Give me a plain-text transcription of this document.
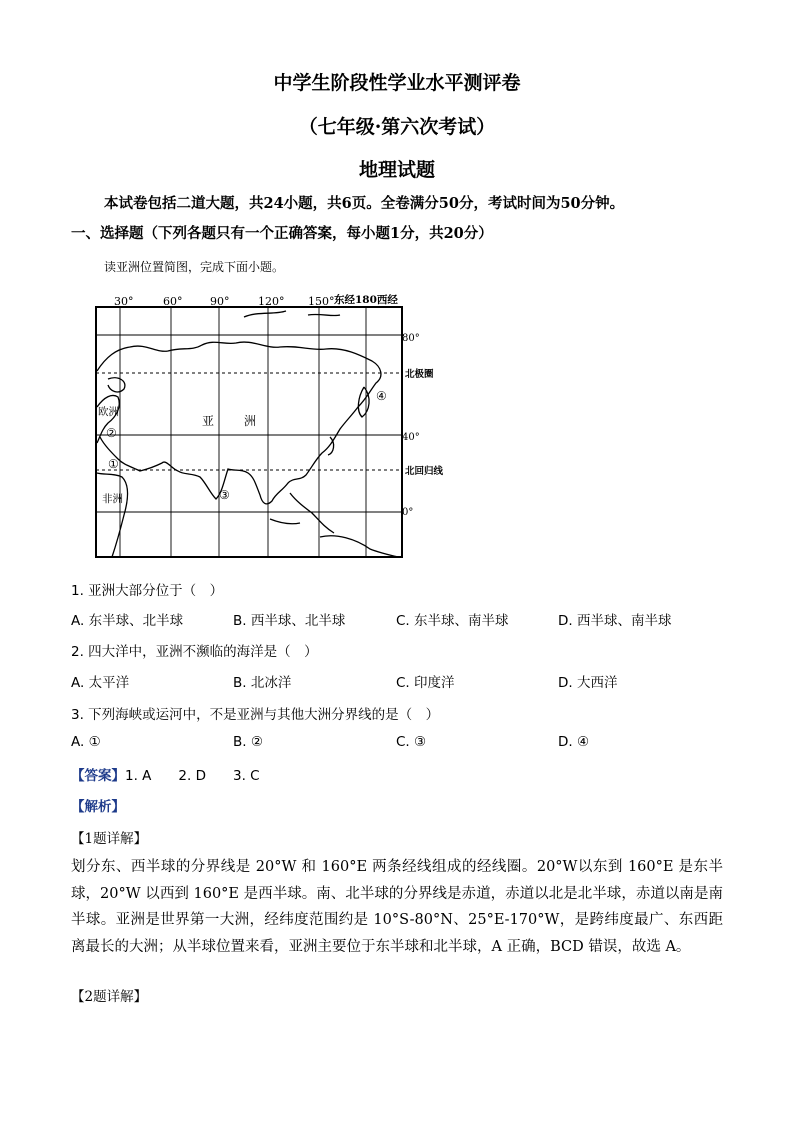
中学生阶段性学业水平测评卷
（七年级·第六次考试）
地理试题
本试卷包括二道大题，共24小题，共6页。全卷满分50分，考试时间为50分钟。
一、选择题（下列各题只有一个正确答案，每小题1分，共20分）
读亚洲位置简图，完成下面小题。
30°	60°	90°	120° 150° 东经180西经
80°
北极圈
40°
北回归线
0°
欧洲
亚 洲
非洲
①
②
③
④
1. 亚洲大部分位于（　）
A. 东半球、北半球	B. 西半球、北半球	C. 东半球、南半球	D. 西半球、南半球
2. 四大洋中，亚洲不濒临的海洋是（　）
A. 太平洋	B. 北冰洋	C. 印度洋	D. 大西洋
3. 下列海峡或运河中，不是亚洲与其他大洲分界线的是（　）
A. ①	B. ②	C. ③	D. ④
【答案】1. A　　2. D　　3. C
【解析】
【1题详解】
划分东、西半球的分界线是 20°W 和 160°E 两条经线组成的经线圈。20°W以东到 160°E 是东半球，20°W 以西到 160°E 是西半球。南、北半球的分界线是赤道，赤道以北是北半球，赤道以南是南半球。亚洲是世界第一大洲，经纬度范围约是 10°S-80°N、25°E-170°W，是跨纬度最广、东西距离最长的大洲；从半球位置来看，亚洲主要位于东半球和北半球，A 正确，BCD 错误，故选 A。
【2题详解】
